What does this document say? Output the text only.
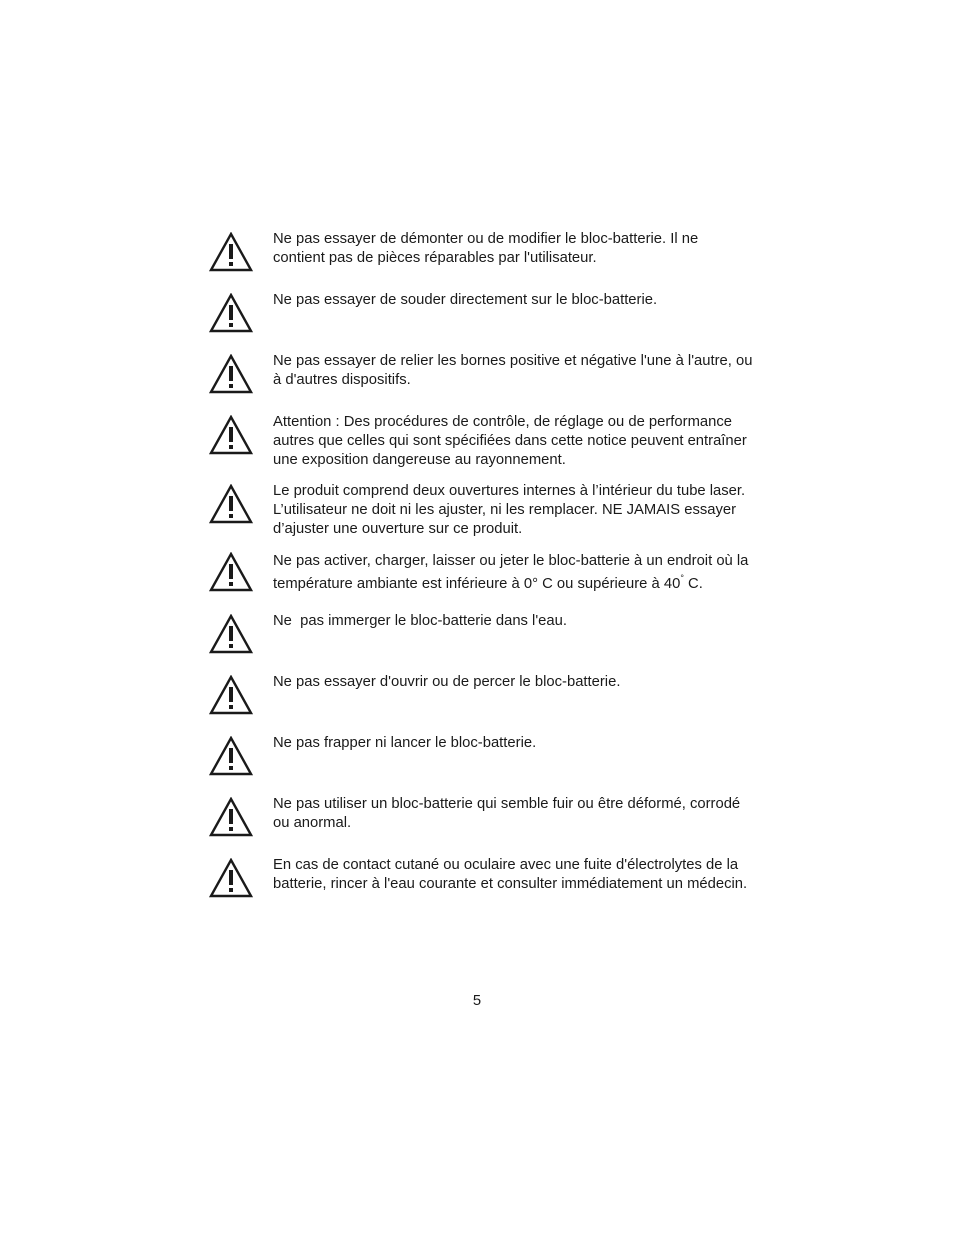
Ne pas essayer de démonter ou de modifier le bloc-batterie. Il ne contient pas de pièces réparables par l'utilisateur.
Ne pas essayer de souder directement sur le bloc-batterie.
Ne pas essayer de relier les bornes positive et négative l'une à l'autre, ou à d'autres dispositifs.
Attention : Des procédures de contrôle, de réglage ou de performance autres que celles qui sont spécifiées dans cette notice peuvent entraîner une exposition dangereuse au rayonnement.
Le produit comprend deux ouvertures internes à l’intérieur du tube laser. L’utilisateur ne doit ni les ajuster, ni les remplacer. NE JAMAIS essayer d’ajuster une ouverture sur ce produit.
Ne pas activer, charger, laisser ou jeter le bloc-batterie à un endroit où la température ambiante est inférieure à 0° C ou supérieure à 40° C.
Ne  pas immerger le bloc-batterie dans l'eau.
Ne pas essayer d'ouvrir ou de percer le bloc-batterie.
Ne pas frapper ni lancer le bloc-batterie.
Ne pas utiliser un bloc-batterie qui semble fuir ou être déformé, corrodé ou anormal.
En cas de contact cutané ou oculaire avec une fuite d'électrolytes de la batterie, rincer à l'eau courante et consulter immédiatement un médecin.
5
